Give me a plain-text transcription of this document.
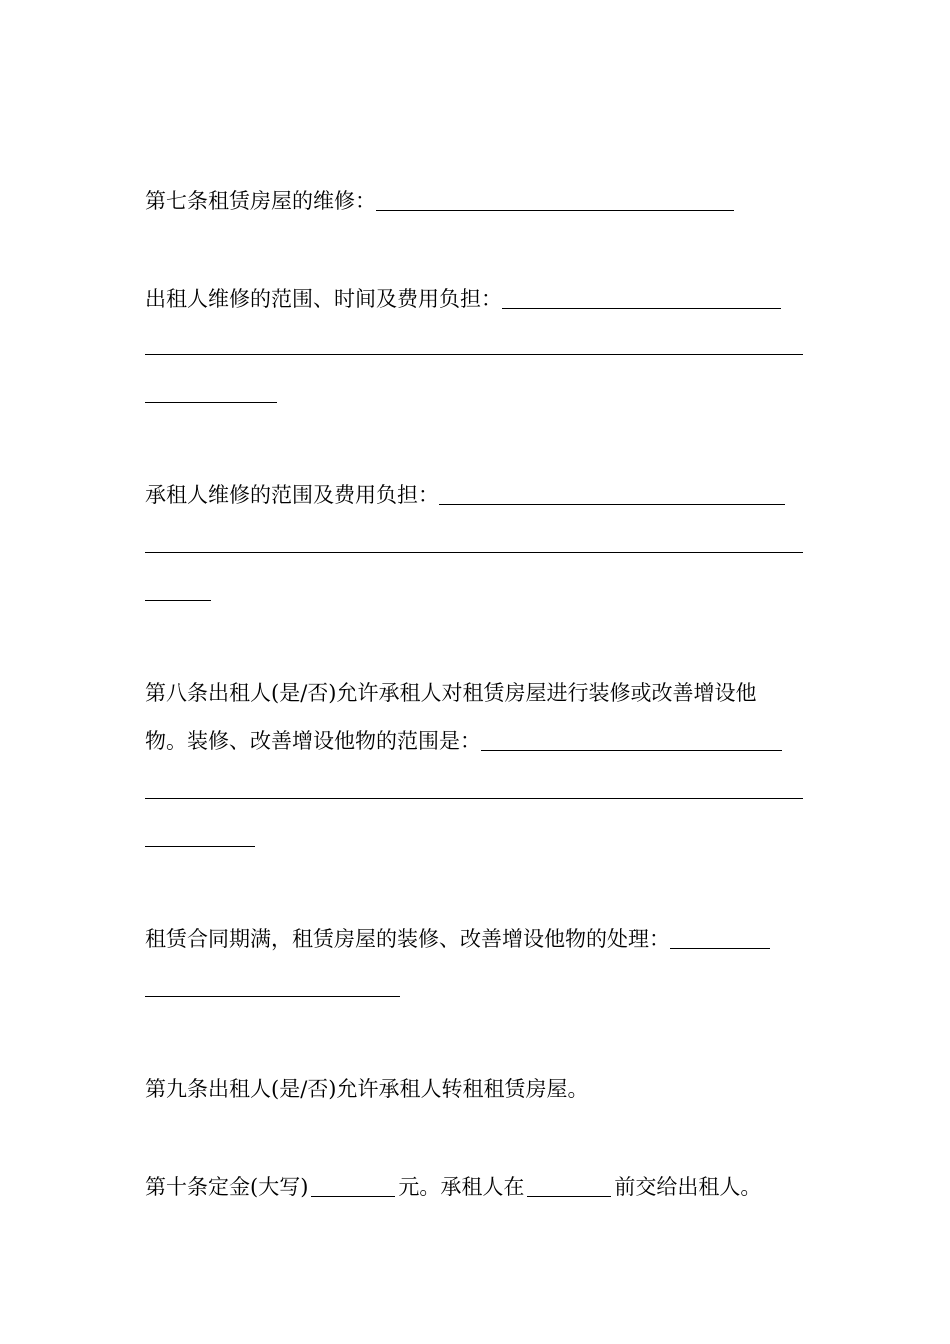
第七条租赁房屋的维修：
出租人维修的范围、时间及费用负担：
承租人维修的范围及费用负担：
第八条出租人(是/否)允许承租人对租赁房屋进行装修或改善增设他
物。装修、改善增设他物的范围是：
租赁合同期满，租赁房屋的装修、改善增设他物的处理：
第九条出租人(是/否)允许承租人转租租赁房屋。
第十条定金(大写)	元。承租人在	前交给出租人。
